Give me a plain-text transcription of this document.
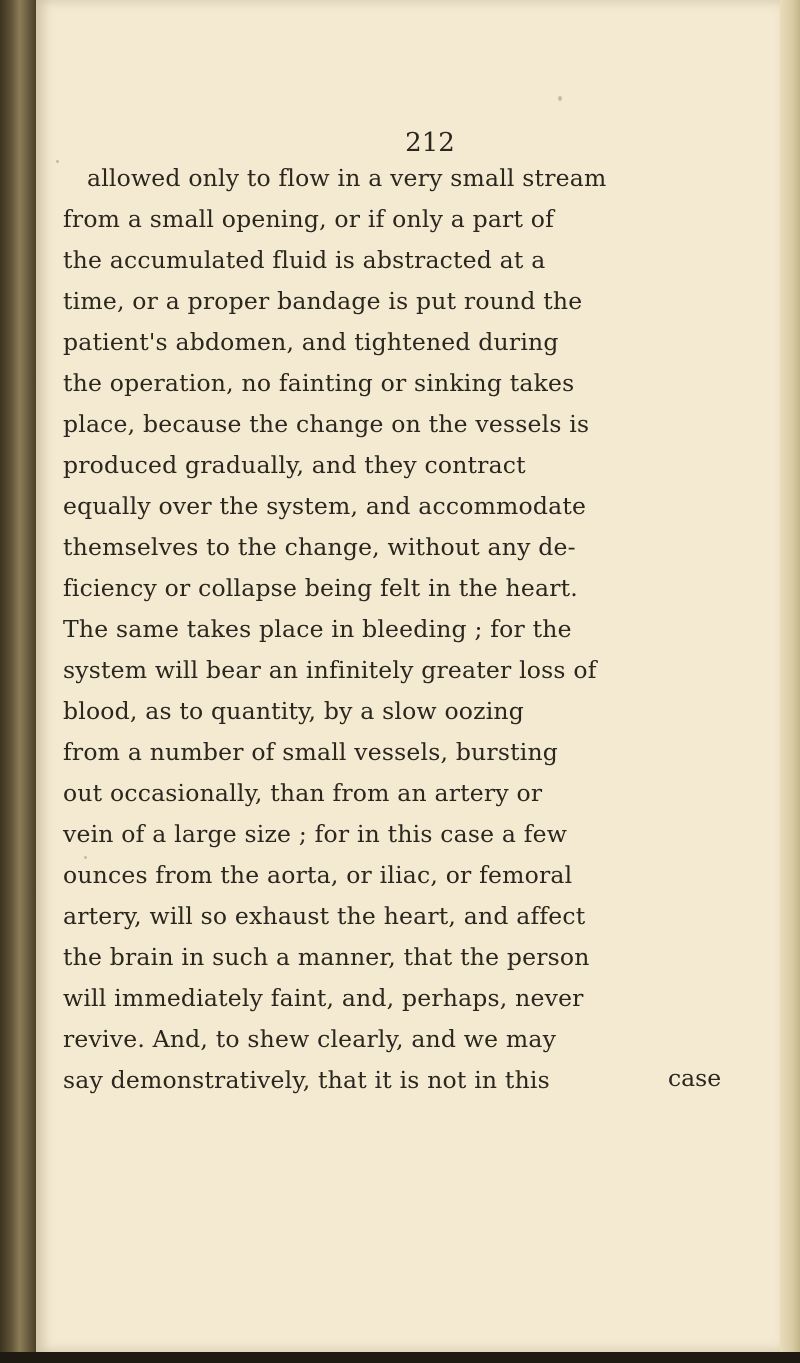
212
allowed only to flow in a very small stream
from a small opening, or if only a part of
the accumulated fluid is abstracted at a
time, or a proper bandage is put round the
patient's abdomen, and tightened during
the operation, no fainting or sinking takes
place, because the change on the vessels is
produced gradually, and they contract
equally over the system, and accommodate
themselves to the change, without any de-
ficiency or collapse being felt in the heart.
The same takes place in bleeding ; for the
system will bear an infinitely greater loss of
blood, as to quantity, by a slow oozing
from a number of small vessels, bursting
out occasionally, than from an artery or
vein of a large size ; for in this case a few
ounces from the aorta, or iliac, or femoral
artery, will so exhaust the heart, and affect
the brain in such a manner, that the person
will immediately faint, and, perhaps, never
revive. And, to shew clearly, and we may
say demonstratively, that it is not in this	case
